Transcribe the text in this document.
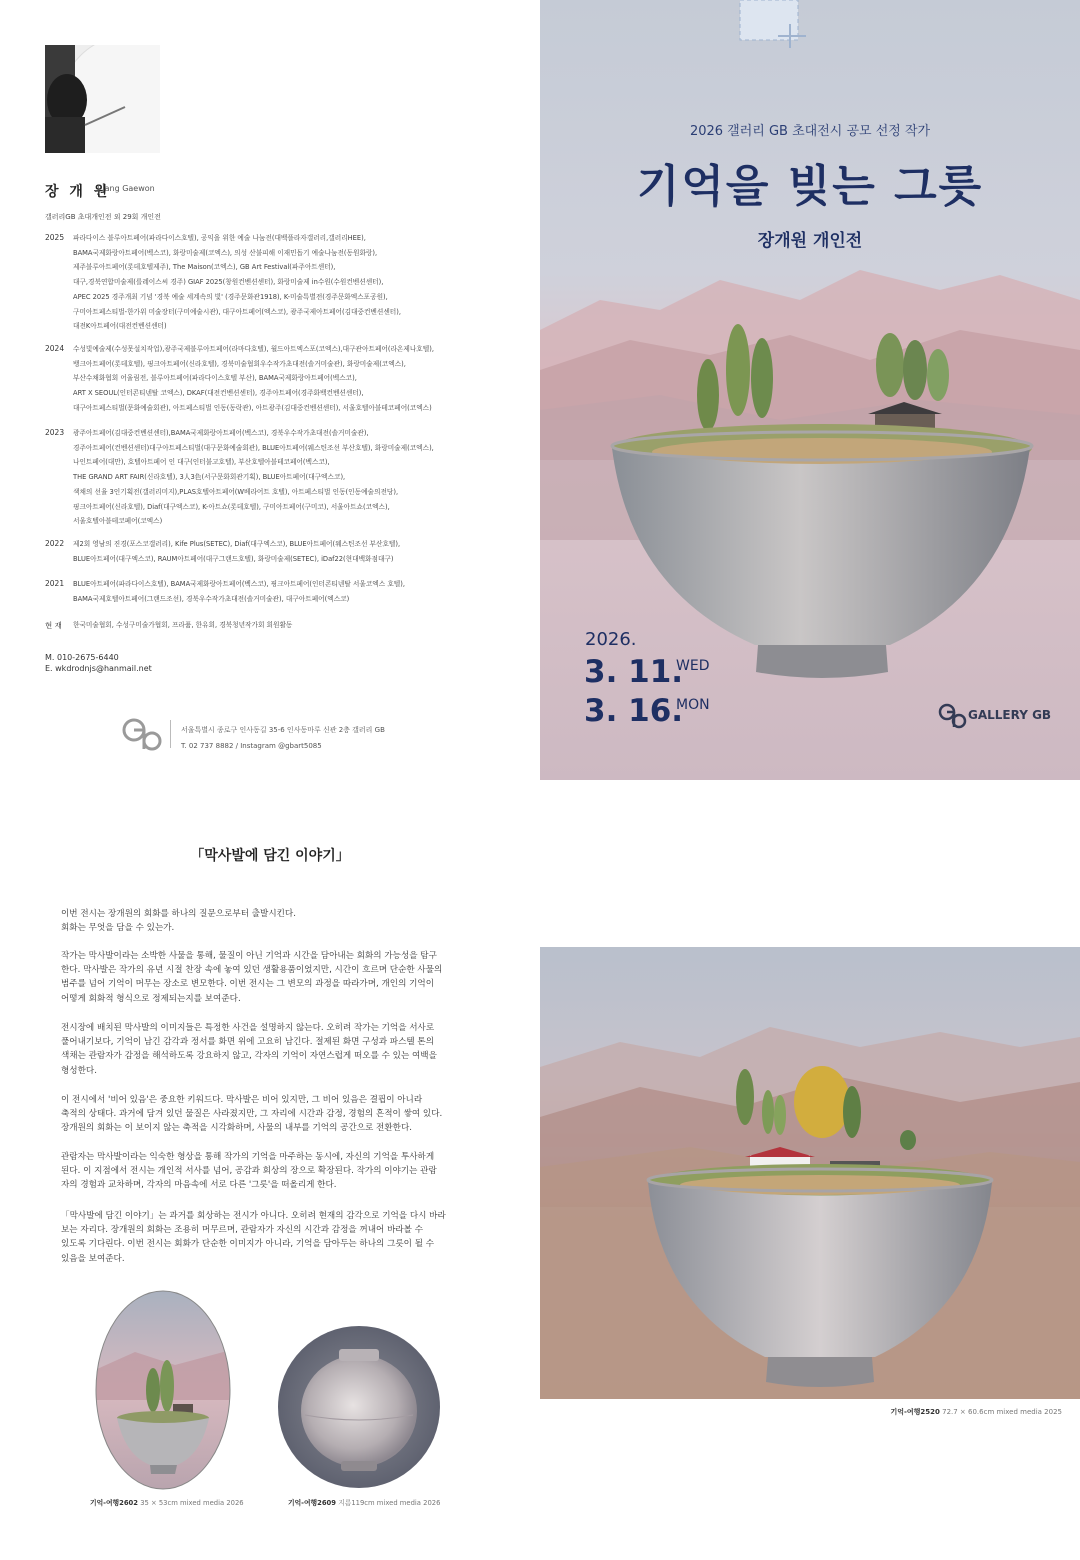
장 개 원
| Jang Gaewon
갤러리GB 초대개인전 외 29회 개인전
2025 파라다이스 블루아트페어(파라다이스호텔), 공익을 위한 예술 나눔전(대백플라자갤러리,갤러리HEE),
BAMA국제화랑아트페어(벡스코), 화랑미술제(코엑스), 의성 산불피해 이재민돕기 예술나눔전(동원화랑),
제주블루아트페어(롯데호텔제주), The Maison(코엑스), GB Art Festival(파주아트센터),
대구,경북연합미술제(를레이스씨 경주) GIAF 2025(창원컨벤션센터), 화랑미술제 in수원(수원컨벤션센터),
APEC 2025 경주개최 기념 '경북 예술 세계속의 빛' (경주문화관1918), K-미술특별전(경주문화엑스포공원),
구미아트페스티벌-한가위 미술장터(구미예술시관), 대구아트페어(엑스코), 광주국제아트페어(김대중컨벤션센터),
대전K아트페어(대전컨벤션센터)
2024 수성빛예술제(수성못설치작업),광주국제블루아트페어(라마다호텔), 월드아트엑스포(코엑스),대구관아트페어(라온제나호텔),
뱅크아트페어(롯데호텔), 핑크아트페어(신라호텔), 경북미술협회우수작가초대전(솔거미술관), 화랑미술제(코엑스),
부산수채화협회 어울림전, 블루아트페어(파라다이스호텔 부산), BAMA국제화랑아트페어(벡스코),
ART X SEOUL(인터콘티넨탈 코엑스), DKAF(대전컨벤션센터), 경주아트페어(경주화백컨벤션센터),
대구아트페스티벌(문화예술회관), 아트페스티벌 인동(동락관), 아트광주(김대중컨벤션센터), 서울호텔아블테코페어(코엑스)
2023 광주아트페어(김대중컨벤션센터),BAMA국제화랑아트페어(벡스코), 경북우수작가초대전(솔거미술관),
경주아트페어(컨벤션센터)대구아트페스티벌(대구문화예술회관), BLUE아트페어(웨스틴조선 부산호텔), 화랑미술제(코엑스),
나인트페어(대만), 호텔아트페어 인 대구(인터불고호텔), 부산호텔아블테코페어(벡스코),
THE GRAND ART FAIR(신라호텔), 3人3色(서구문화회관기획), BLUE아트페어(대구엑스코),
색채의 선율 3인기획전(갤러리미지),PLAS호텔아트페어(W베라어트 호텔), 아트페스티벌 인동(인동예술의전당),
핑크아트페어(신라호텔), Diaf(대구엑스코), K-아트쇼(롯데호텔), 구미아트페어(구미코), 서울아트쇼(코엑스),
서울호텔아블테코페어(코엑스)
2022 제2회 영남의 진경(포스코갤러리), Kife Plus(SETEC), Diaf(대구엑스코), BLUE아트페어(웨스틴조선 부산호텔),
BLUE아트페어(대구엑스코), RAUM아트페어(대구그랜드호텔), 화랑미술제(SETEC), iDaf22(현대백화점대구)
2021 BLUE아트페어(파라다이스호텔), BAMA국제화랑아트페어(벡스코), 핑크아트페어(인터콘티넨탈 서울코엑스 호텔),
BAMA국제호텔아트페어(그랜드조선), 경북우수작가초대전(솔거미술관), 대구아트페어(엑스코)
현 재 한국미술협회, 수성구미술가협회, 프라퓸, 한유회, 경북청년작가회 회원활동
M. 010-2675-6440
E. wkdrodnjs@hanmail.net
서울특별시 종로구 인사동길 35-6 인사동마루 신관 2층 갤러리 GB
T. 02 737 8882 / Instagram @gbart5085
2026 갤러리 GB 초대전시 공모 선정 작가
기억을 빚는 그릇
장개원 개인전
2026.
3. 11.
WED
3. 16.
MON
GALLERY GB
「막사발에 담긴 이야기」
이번 전시는 장개원의 회화를 하나의 질문으로부터 출발시킨다.
회화는 무엇을 담을 수 있는가.
작가는 막사발이라는 소박한 사물을 통해, 물질이 아닌 기억과 시간을 담아내는 회화의 가능성을 탐구
한다. 막사발은 작가의 유년 시절 찬장 속에 놓여 있던 생활용품이었지만, 시간이 흐르며 단순한 사물의
범주를 넘어 기억이 머무는 장소로 변모한다. 이번 전시는 그 변모의 과정을 따라가며, 개인의 기억이
어떻게 회화적 형식으로 정제되는지를 보여준다.
전시장에 배치된 막사발의 이미지들은 특정한 사건을 설명하지 않는다. 오히려 작가는 기억을 서사로
풀어내기보다, 기억이 남긴 감각과 정서를 화면 위에 고요히 남긴다. 절제된 화면 구성과 파스텔 톤의
색채는 관람자가 감정을 해석하도록 강요하지 않고, 각자의 기억이 자연스럽게 떠오를 수 있는 여백을
형성한다.
이 전시에서 '비어 있음'은 중요한 키워드다. 막사발은 비어 있지만, 그 비어 있음은 결핍이 아니라
축적의 상태다. 과거에 담겨 있던 물질은 사라졌지만, 그 자리에 시간과 감정, 경험의 흔적이 쌓여 있다.
장개원의 회화는 이 보이지 않는 축적을 시각화하며, 사물의 내부를 기억의 공간으로 전환한다.
관람자는 막사발이라는 익숙한 형상을 통해 작가의 기억을 마주하는 동시에, 자신의 기억을 투사하게
된다. 이 지점에서 전시는 개인적 서사를 넘어, 공감과 회상의 장으로 확장된다. 작가의 이야기는 관람
자의 경험과 교차하며, 각자의 마음속에 서로 다른 '그릇'을 떠올리게 한다.
「막사발에 담긴 이야기」는 과거를 회상하는 전시가 아니다. 오히려 현재의 감각으로 기억을 다시 바라
보는 자리다. 장개원의 회화는 조용히 머무르며, 관람자가 자신의 시간과 감정을 꺼내어 바라볼 수
있도록 기다린다. 이번 전시는 회화가 단순한 이미지가 아니라, 기억을 담아두는 하나의 그릇이 될 수
있음을 보여준다.
기억-여행2602 35 × 53cm mixed media 2026	기억-여행2609 지름119cm mixed media 2026
기억-여행2520 72.7 × 60.6cm mixed media 2025
